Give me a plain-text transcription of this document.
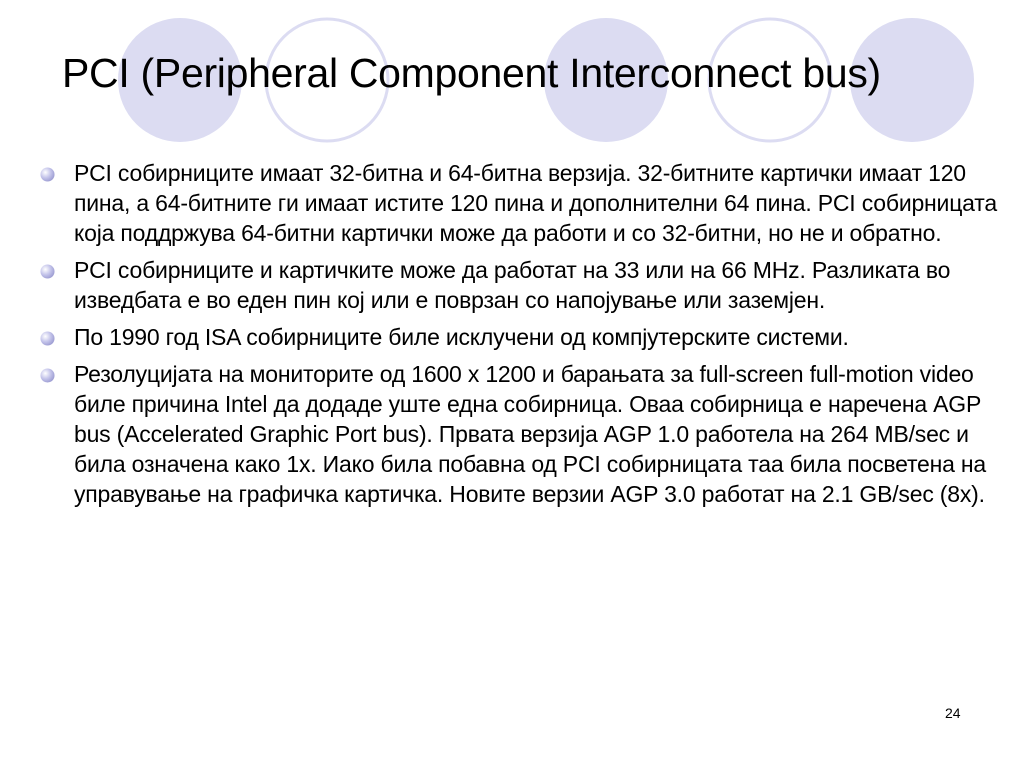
PCI (Peripheral Component Interconnect bus)
PCI собирниците имаат 32-битна и 64-битна верзија. 32-битните картички имаат 120 пина, а 64-битните ги имаат истите 120 пина и дополнителни 64 пина. PCI собирницата која поддржува 64-битни картички може да работи и со 32-битни, но не и обратно.
PCI собирниците и картичките може да работат на 33 или на 66 MHz. Разликата во изведбата е во еден пин кој или е поврзан со напојување или заземјен.
По 1990 год ISA собирниците биле исклучени од компјутерските системи.
Резолуцијата на мониторите од 1600 x 1200 и барањата за full-screen full-motion video биле причина Intel да додаде уште една собирница. Оваа собирница е наречена AGP bus (Accelerated Graphic Port bus). Првата верзија AGP 1.0 работела на 264 MB/sec и била означена како 1x. Иако била побавна од PCI собирницата таа била посветена на управување на графичка картичка. Новите верзии AGP 3.0 работат на 2.1 GB/sec (8x).
24
